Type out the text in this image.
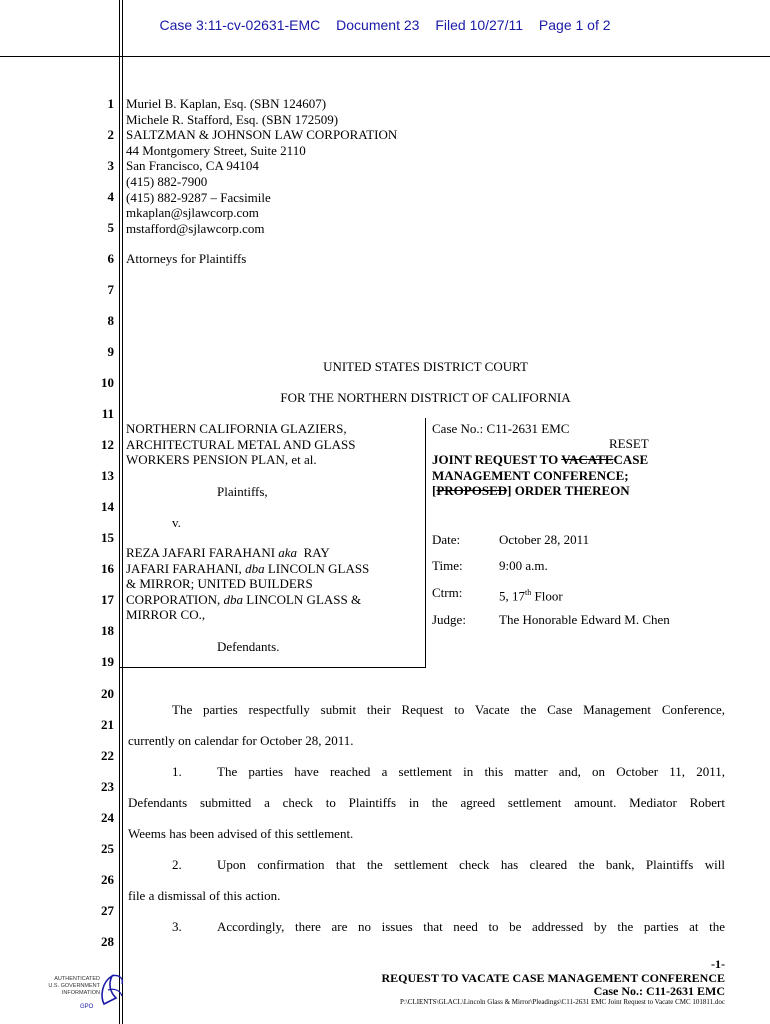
Case 3:11-cv-02631-EMC Document 23 Filed 10/27/11 Page 1 of 2
1
2
3
4
5
6
7
8
9
10
11
12
13
14
15
16
17
18
19
20
21
22
23
24
25
26
27
28
Muriel B. Kaplan, Esq. (SBN 124607)
Michele R. Stafford, Esq. (SBN 172509)
SALTZMAN & JOHNSON LAW CORPORATION
44 Montgomery Street, Suite 2110
San Francisco, CA 94104
(415) 882-7900
(415) 882-9287 – Facsimile
mkaplan@sjlawcorp.com
mstafford@sjlawcorp.com
Attorneys for Plaintiffs
UNITED STATES DISTRICT COURT
FOR THE NORTHERN DISTRICT OF CALIFORNIA
NORTHERN CALIFORNIA GLAZIERS,
ARCHITECTURAL METAL AND GLASS
WORKERS PENSION PLAN, et al.
Plaintiffs,
v.
REZA JAFARI FARAHANI aka RAY
JAFARI FARAHANI, dba LINCOLN GLASS
& MIRROR; UNITED BUILDERS
CORPORATION, dba LINCOLN GLASS &
MIRROR CO.,
Defendants.
Case No.: C11-2631 EMC
RESET
JOINT REQUEST TO VACATECASE
MANAGEMENT CONFERENCE;
[PROPOSED] ORDER THEREON
Date:	October 28, 2011
Time:	9:00 a.m.
Ctrm:	5, 17th Floor
Judge:	The Honorable Edward M. Chen
The parties respectfully submit their Request to Vacate the Case Management Conference,
currently on calendar for October 28, 2011.
1.	The parties have reached a settlement in this matter and, on October 11, 2011,
Defendants submitted a check to Plaintiffs in the agreed settlement amount. Mediator Robert
Weems has been advised of this settlement.
2.	Upon confirmation that the settlement check has cleared the bank, Plaintiffs will
file a dismissal of this action.
3.	Accordingly, there are no issues that need to be addressed by the parties at the
-1-
REQUEST TO VACATE CASE MANAGEMENT CONFERENCE
Case No.: C11-2631 EMC
P:\CLIENTS\GLACL\Lincoln Glass & Mirror\Pleadings\C11-2631 EMC Joint Request to Vacate CMC 101811.doc
AUTHENTICATED
U.S. GOVERNMENT
INFORMATION
GPO
